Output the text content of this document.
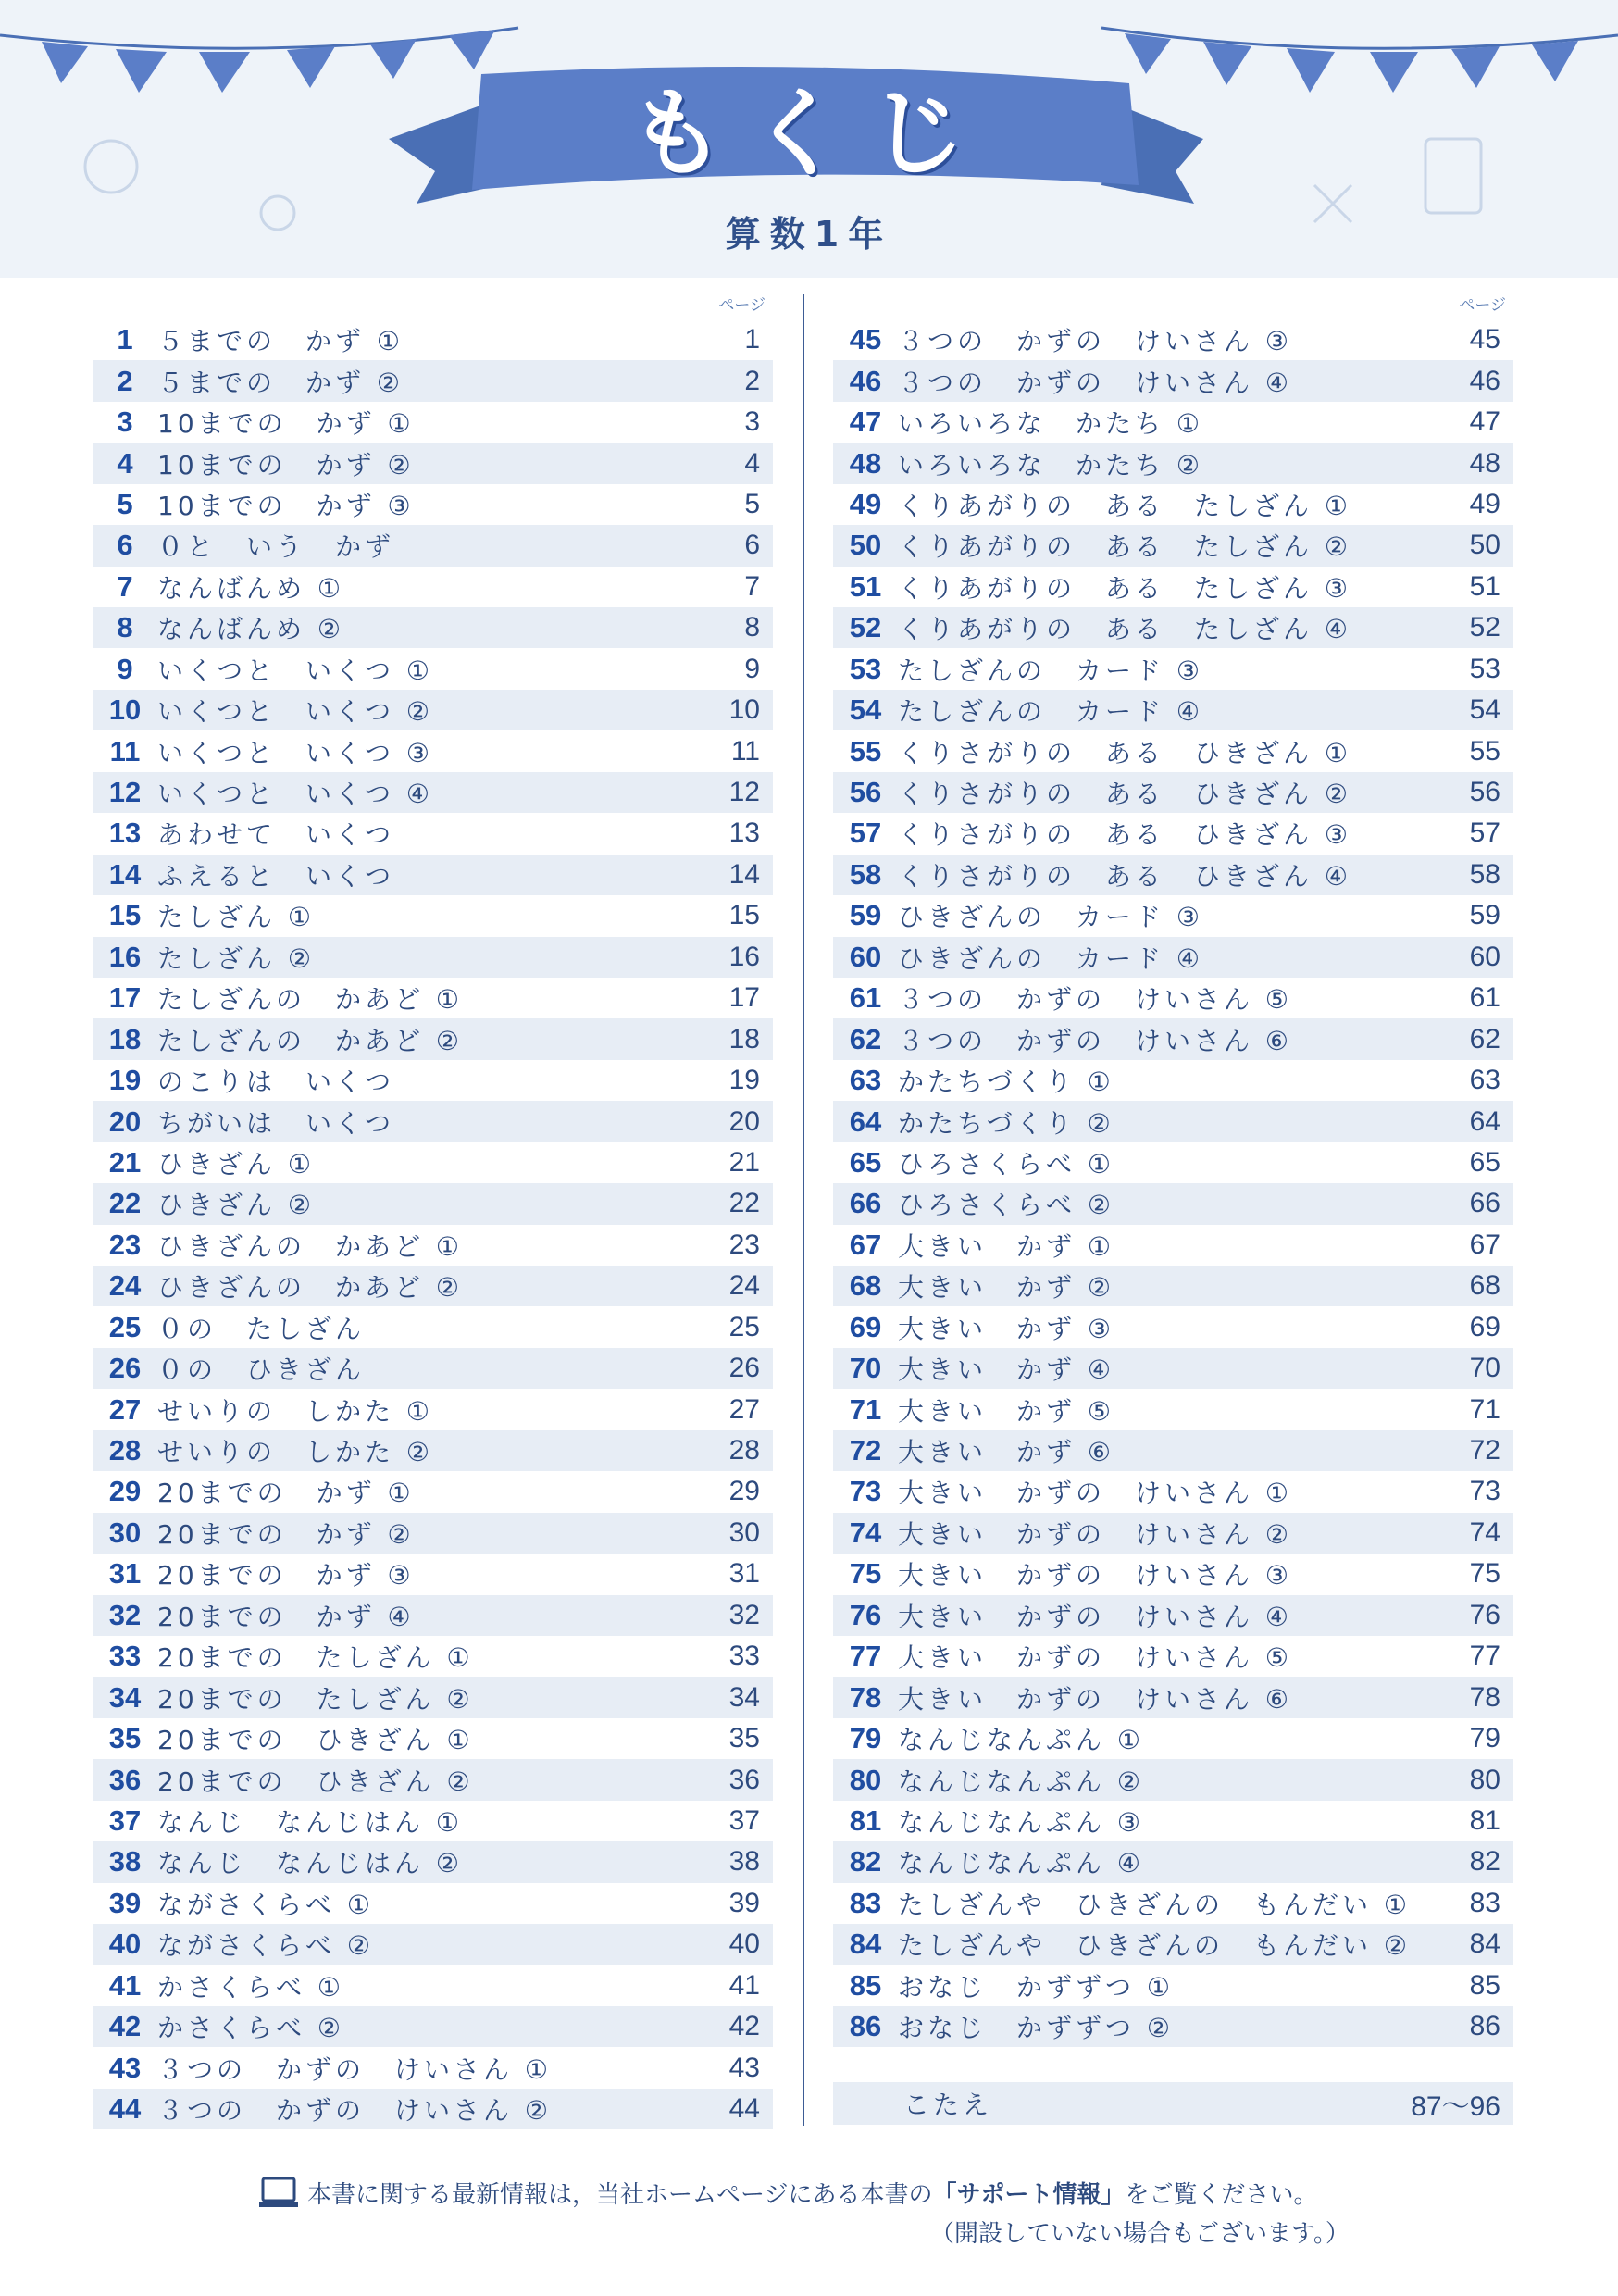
もくじ
算数1年
ページ
1 ５までの　かず ①	1
2 ５までの　かず ②	2
3 10までの　かず ①	3
4 10までの　かず ②	4
5 10までの　かず ③	5
6 ０と　いう　かず	6
7 なんばんめ ①	7
8 なんばんめ ②	8
9 いくつと　いくつ ①	9
10 いくつと　いくつ ②	10
11 いくつと　いくつ ③	11
12 いくつと　いくつ ④	12
13 あわせて　いくつ	13
14 ふえると　いくつ	14
15 たしざん ①	15
16 たしざん ②	16
17 たしざんの　かあど ①	17
18 たしざんの　かあど ②	18
19 のこりは　いくつ	19
20 ちがいは　いくつ	20
21 ひきざん ①	21
22 ひきざん ②	22
23 ひきざんの　かあど ①	23
24 ひきざんの　かあど ②	24
25 ０の　たしざん	25
26 ０の　ひきざん	26
27 せいりの　しかた ①	27
28 せいりの　しかた ②	28
29 20までの　かず ①	29
30 20までの　かず ②	30
31 20までの　かず ③	31
32 20までの　かず ④	32
33 20までの　たしざん ①	33
34 20までの　たしざん ②	34
35 20までの　ひきざん ①	35
36 20までの　ひきざん ②	36
37 なんじ　なんじはん ①	37
38 なんじ　なんじはん ②	38
39 ながさくらべ ①	39
40 ながさくらべ ②	40
41 かさくらべ ①	41
42 かさくらべ ②	42
43 ３つの　かずの　けいさん ①	43
44 ３つの　かずの　けいさん ②	44
ページ
45 ３つの　かずの　けいさん ③	45
46 ３つの　かずの　けいさん ④	46
47 いろいろな　かたち ①	47
48 いろいろな　かたち ②	48
49 くりあがりの　ある　たしざん ①	49
50 くりあがりの　ある　たしざん ②	50
51 くりあがりの　ある　たしざん ③	51
52 くりあがりの　ある　たしざん ④	52
53 たしざんの　カード ③	53
54 たしざんの　カード ④	54
55 くりさがりの　ある　ひきざん ①	55
56 くりさがりの　ある　ひきざん ②	56
57 くりさがりの　ある　ひきざん ③	57
58 くりさがりの　ある　ひきざん ④	58
59 ひきざんの　カード ③	59
60 ひきざんの　カード ④	60
61 ３つの　かずの　けいさん ⑤	61
62 ３つの　かずの　けいさん ⑥	62
63 かたちづくり ①	63
64 かたちづくり ②	64
65 ひろさくらべ ①	65
66 ひろさくらべ ②	66
67 大きい　かず ①	67
68 大きい　かず ②	68
69 大きい　かず ③	69
70 大きい　かず ④	70
71 大きい　かず ⑤	71
72 大きい　かず ⑥	72
73 大きい　かずの　けいさん ①	73
74 大きい　かずの　けいさん ②	74
75 大きい　かずの　けいさん ③	75
76 大きい　かずの　けいさん ④	76
77 大きい　かずの　けいさん ⑤	77
78 大きい　かずの　けいさん ⑥	78
79 なんじなんぷん ①	79
80 なんじなんぷん ②	80
81 なんじなんぷん ③	81
82 なんじなんぷん ④	82
83 たしざんや　ひきざんの　もんだい ①	83
84 たしざんや　ひきざんの　もんだい ②	84
85 おなじ　かずずつ ①	85
86 おなじ　かずずつ ②	86
こたえ	87～96
本書に関する最新情報は，当社ホームページにある本書の 「サポート情報」 をご覧ください。
（開設していない場合もございます。）
